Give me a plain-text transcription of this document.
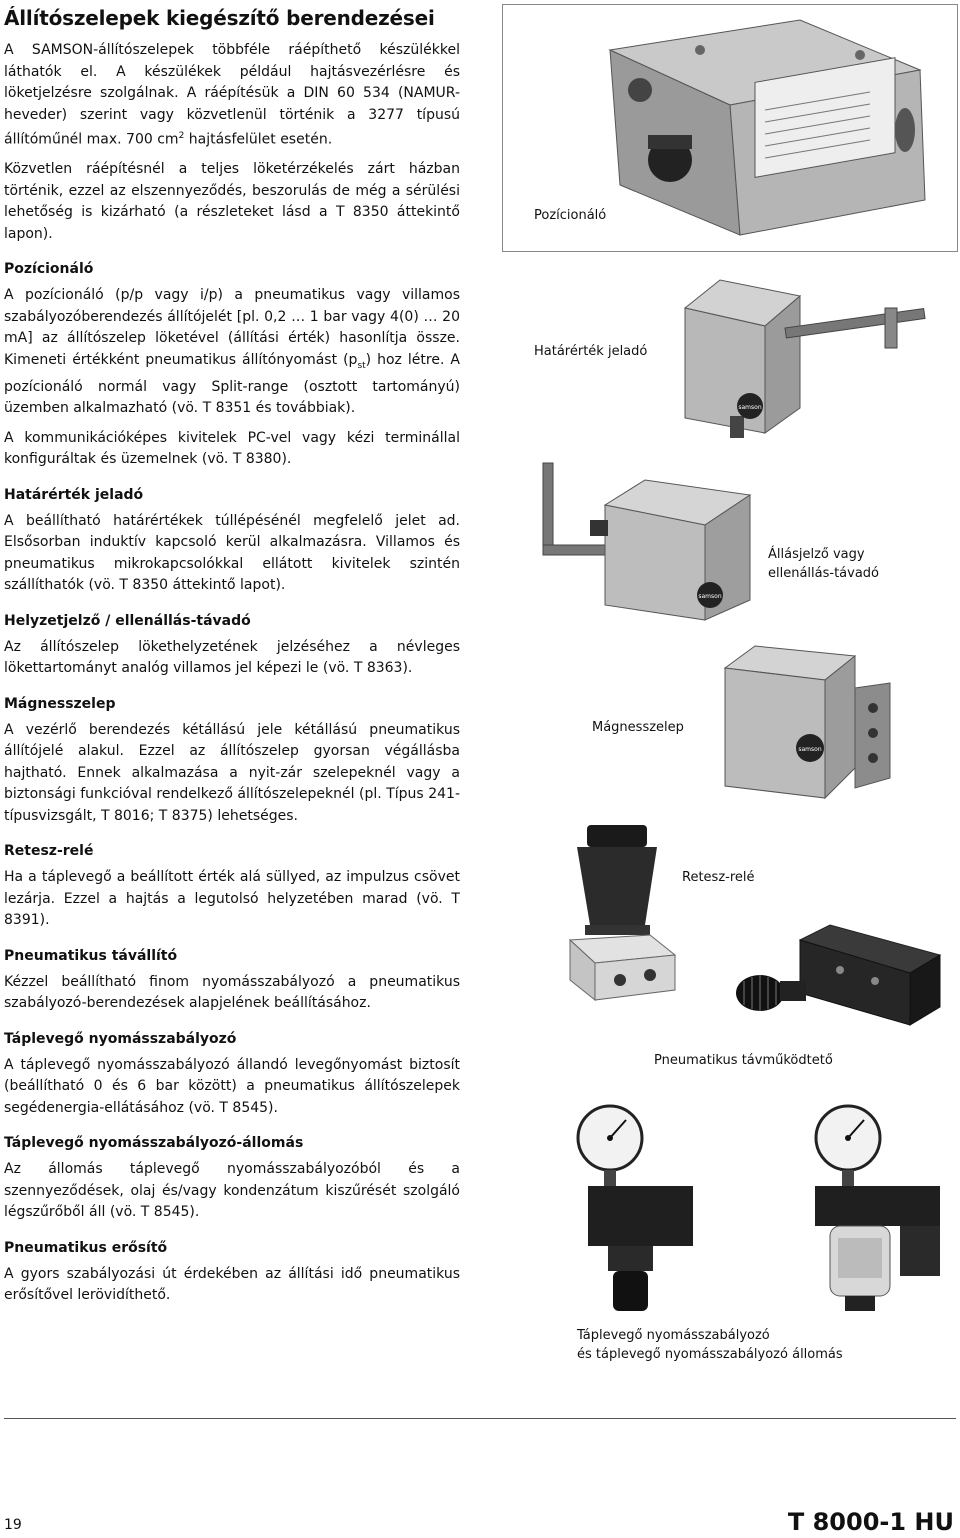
Állítószelepek kiegészítő berendezései

A SAMSON-állítószelepek többféle ráépíthető készülékkel láthatók el. A készülékek például hajtásvezérlésre és löketjelzésre szolgálnak. A ráépítésük a DIN 60 534 (NAMUR-heveder) szerint vagy közvetlenül történik a 3277 típusú állítóműnél max. 700 $cm^2$ hajtásfelület esetén.

Közvetlen ráépítésnél a teljes löketérzékelés zárt házban történik, ezzel az elszennyeződés, beszorulás de még a sérülési lehetőség is kizárható (a részleteket lásd a T 8350 áttekintő lapon).

Pozícionáló

A pozícionáló (p/p vagy i/p) a pneumatikus vagy villamos szabályozóberendezés állítójelét [pl. 0,2 … 1 bar vagy 4(0) … 20 mA] az állítószelep löketével (állítási érték) hasonlítja össze. Kimeneti értékként pneumatikus állítónyomást $(p_{st})$ hoz létre. A pozícionáló normál vagy Split-range (osztott tartományú) üzemben alkalmazható (vö. T 8351 és továbbiak).

A kommunikációképes kivitelek PC-vel vagy kézi terminállal konfiguráltak és üzemelnek (vö. T 8380).

Határérték jeladó

A beállítható határértékek túllépésénél megfelelő jelet ad. Elsősorban induktív kapcsoló kerül alkalmazásra. Villamos és pneumatikus mikrokapcsolókkal ellátott kivitelek szintén szállíthatók (vö. T 8350 áttekintő lapot).

Helyzetjelző / ellenállás-távadó

Az állítószelep lökethelyzetének jelzéséhez a névleges lökettartományt analóg villamos jel képezi le (vö. T 8363).

Mágnesszelep

A vezérlő berendezés kétállású jele kétállású pneumatikus állítójelé alakul. Ezzel az állítószelep gyorsan végállásba hajtható. Ennek alkalmazása a nyit-zár szelepeknél vagy a biztonsági funkcióval rendelkező állítószelepeknél (pl. Típus 241-típusvizsgált, T 8016; T 8375) lehetséges.

Retesz-relé

Ha a táplevegő a beállított érték alá süllyed, az impulzus csövet lezárja. Ezzel a hajtás a legutolsó helyzetében marad (vö. T 8391).

Pneumatikus távállító

Kézzel beállítható finom nyomásszabályozó a pneumatikus szabályozó-berendezések alapjelének beállításához.

Táplevegő nyomásszabályozó

A táplevegő nyomásszabályozó állandó levegőnyomást biztosít (beállítható 0 és 6 bar között) a pneumatikus állítószelepek segédenergia-ellátásához (vö. T 8545).

Táplevegő nyomásszabályozó-állomás

Az állomás táplevegő nyomásszabályozóból és a szennyeződések, olaj és/vagy kondenzátum kiszűrését szolgáló légszűrőből áll (vö. T 8545).

Pneumatikus erősítő

A gyors szabályozási út érdekében az állítási idő pneumatikus erősítővel lerövidíthető.

Pozícionáló
samson
Határérték jeladó
samson
Állásjelző vagy
ellenállás-távadó
samson
Mágnesszelep
Retesz-relé
Pneumatikus távműködtető
Táplevegő nyomásszabályozó
és táplevegő nyomásszabályozó állomás
19	T 8000-1 HU
